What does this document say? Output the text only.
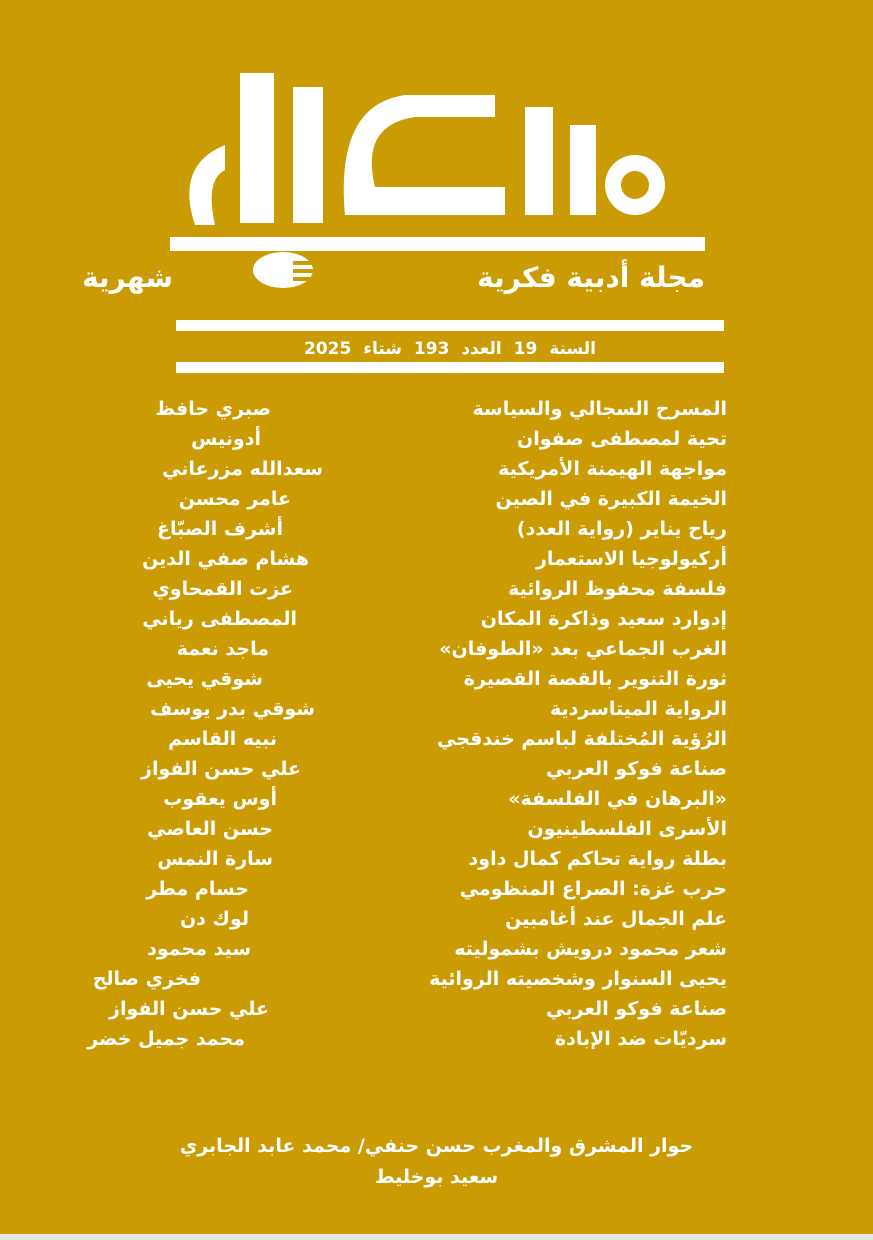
شهرية	مجلة أدبية فكرية
الكلمة
السنة 19 العدد 193 شتاء 2025
المسرح السجالي والسياسة
صبري حافظ
تحية لمصطفى صفوان
أدونيس
مواجهة الهيمنة الأمريكية
سعدالله مزرعاني
الخيمة الكبيرة في الصين
عامر محسن
رياح يناير (رواية العدد)
أشرف الصبّاغ
أركيولوجيا الاستعمار
هشام صفي الدين
فلسفة محفوظ الروائية
عزت القمحاوي
إدوارد سعيد وذاكرة المكان
المصطفى رياني
الغرب الجماعي بعد «الطوفان»
ماجد نعمة
ثورة التنوير بالقصة القصيرة
شوقي يحيى
الرواية الميتاسردية
شوقي بدر يوسف
الرُؤية المُختلفة لباسم خندقجي
نبيه القاسم
صناعة فوكو العربي
علي حسن الفواز
«البرهان في الفلسفة»
أوس يعقوب
الأسرى الفلسطينيون
حسن العاصي
بطلة رواية تحاكم كمال داود
سارة النمس
حرب غزة: الصراع المنظومي
حسام مطر
علم الجمال عند أغامبين
لوك دن
شعر محمود درويش بشموليته
سيد محمود
يحيى السنوار وشخصيته الروائية
فخري صالح
صناعة فوكو العربي
علي حسن الفواز
سرديّات ضد الإبادة
محمد جميل خضر
حوار المشرق والمغرب حسن حنفي/ محمد عابد الجابري
سعيد بوخليط
